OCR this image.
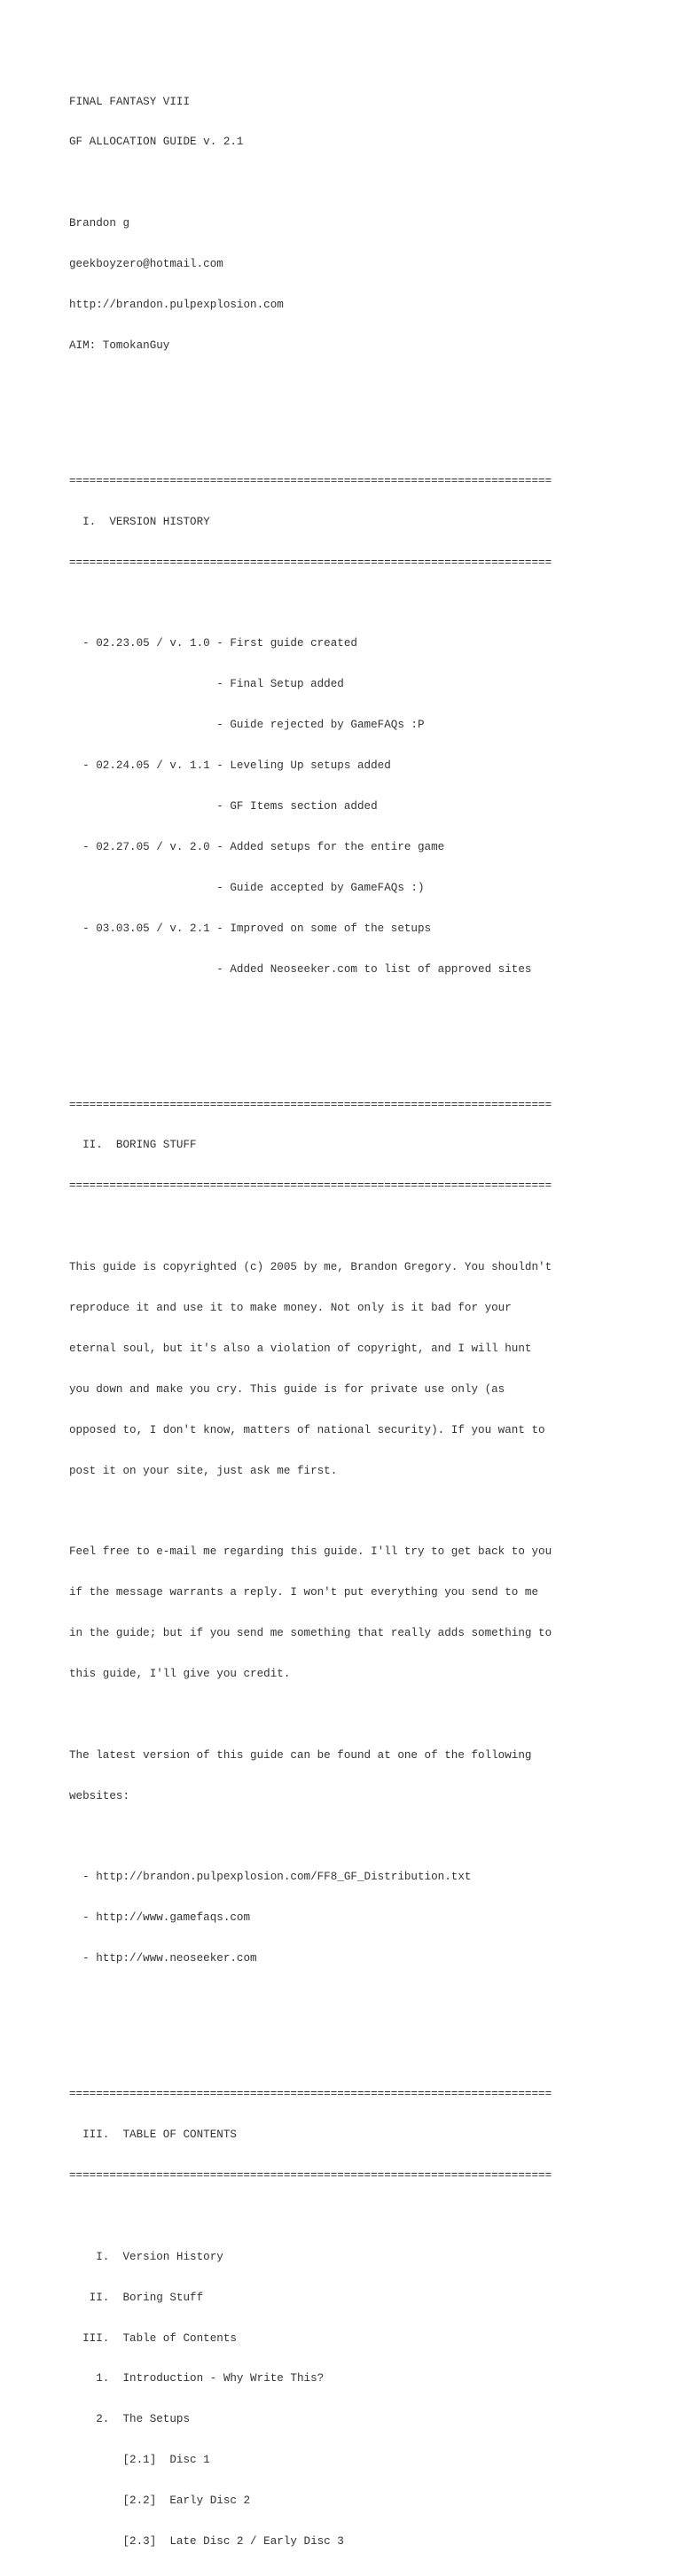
FINAL FANTASY VIII

GF ALLOCATION GUIDE v. 2.1

Brandon g

geekboyzero@hotmail.com

http://brandon.pulpexplosion.com

AIM: TomokanGuy

========================================================================

I.  VERSION HISTORY

========================================================================

- 02.23.05 / v. 1.0 - First guide created

- Final Setup added

- Guide rejected by GameFAQs :P

- 02.24.05 / v. 1.1 - Leveling Up setups added

- GF Items section added

- 02.27.05 / v. 2.0 - Added setups for the entire game

- Guide accepted by GameFAQs :)

- 03.03.05 / v. 2.1 - Improved on some of the setups

- Added Neoseeker.com to list of approved sites

========================================================================

II.  BORING STUFF

========================================================================

This guide is copyrighted (c) 2005 by me, Brandon Gregory. You shouldn't

reproduce it and use it to make money. Not only is it bad for your

eternal soul, but it's also a violation of copyright, and I will hunt

you down and make you cry. This guide is for private use only (as

opposed to, I don't know, matters of national security). If you want to

post it on your site, just ask me first.

Feel free to e-mail me regarding this guide. I'll try to get back to you

if the message warrants a reply. I won't put everything you send to me

in the guide; but if you send me something that really adds something to

this guide, I'll give you credit.

The latest version of this guide can be found at one of the following

websites:

- http://brandon.pulpexplosion.com/FF8_GF_Distribution.txt

- http://www.gamefaqs.com

- http://www.neoseeker.com

========================================================================

III.  TABLE OF CONTENTS

========================================================================

I.  Version History

II.  Boring Stuff

III.  Table of Contents

1.  Introduction - Why Write This?

2.  The Setups

[2.1]  Disc 1

[2.2]  Early Disc 2

[2.3]  Late Disc 2 / Early Disc 3
